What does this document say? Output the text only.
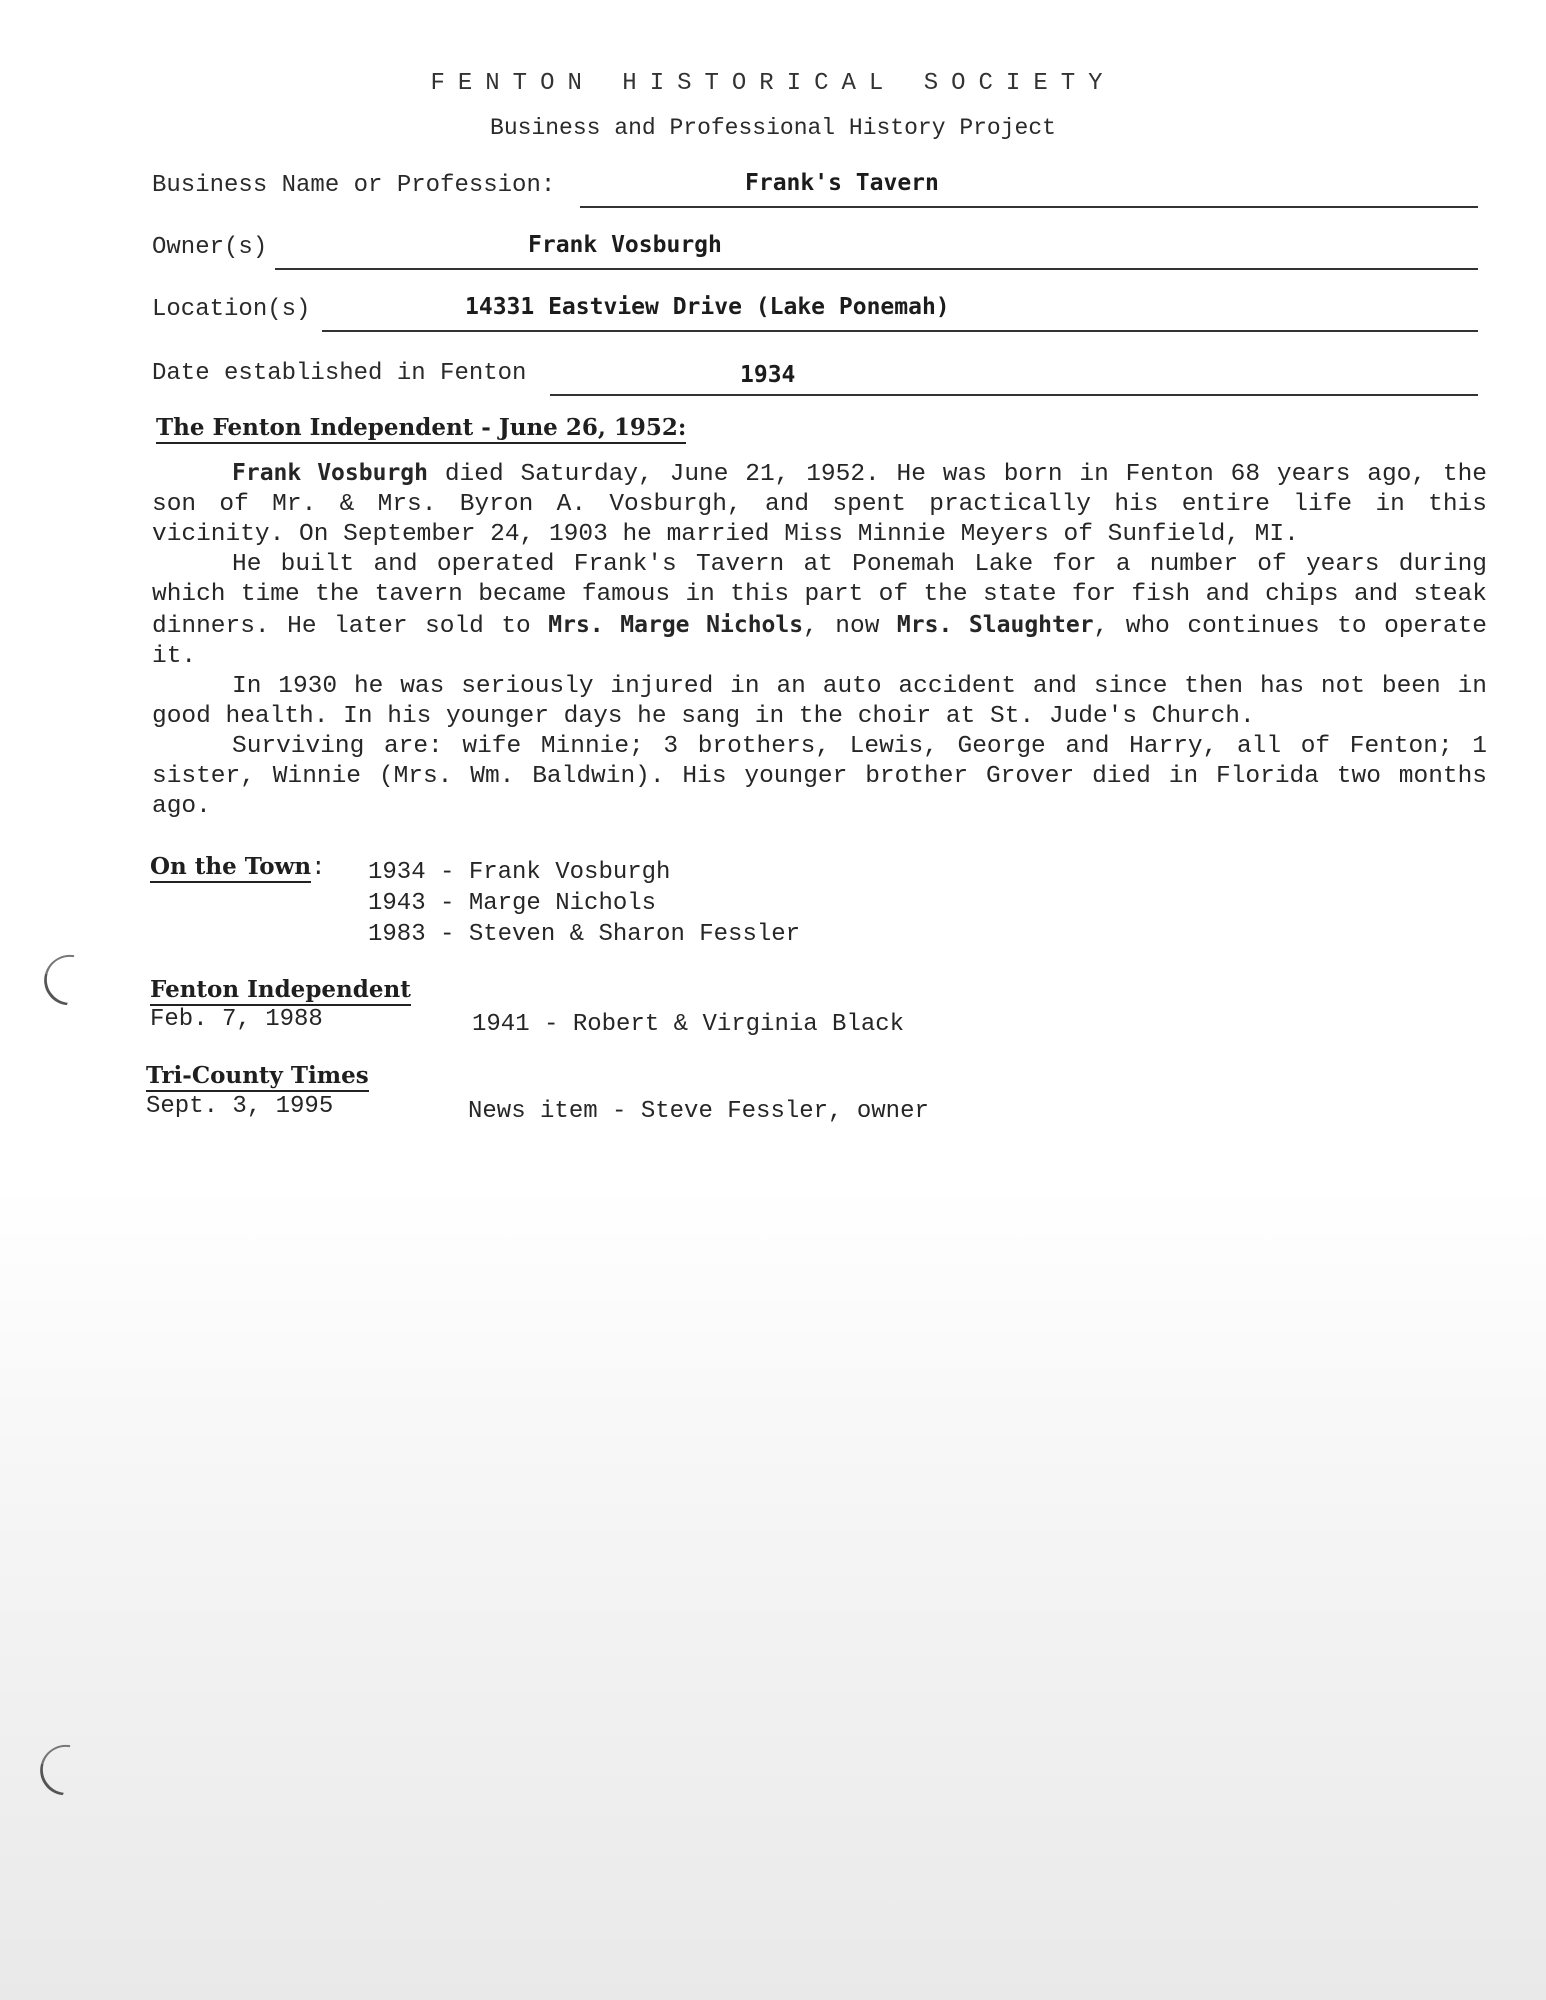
FENTON HISTORICAL SOCIETY
Business and Professional History Project
Business Name or Profession:	Frank's Tavern
Owner(s)	Frank Vosburgh
Location(s)	14331 Eastview Drive (Lake Ponemah)
Date established in Fenton	1934
The Fenton Independent - June 26, 1952:

Frank Vosburgh died Saturday, June 21, 1952. He was born in Fenton 68 years ago, the son of Mr. & Mrs. Byron A. Vosburgh, and spent practically his entire life in this vicinity. On September 24, 1903 he married Miss Minnie Meyers of Sunfield, MI.

He built and operated Frank's Tavern at Ponemah Lake for a number of years during which time the tavern became famous in this part of the state for fish and chips and steak dinners. He later sold to Mrs. Marge Nichols, now Mrs. Slaughter, who continues to operate it.

In 1930 he was seriously injured in an auto accident and since then has not been in good health. In his younger days he sang in the choir at St. Jude's Church.

Surviving are: wife Minnie; 3 brothers, Lewis, George and Harry, all of Fenton; 1 sister, Winnie (Mrs. Wm. Baldwin). His younger brother Grover died in Florida two months ago.

On the Town: 1934 - Frank Vosburgh
1943 - Marge Nichols
1983 - Steven & Sharon Fessler
Fenton Independent
Feb. 7, 1988	1941 - Robert & Virginia Black
Tri-County Times
Sept. 3, 1995	News item - Steve Fessler, owner
